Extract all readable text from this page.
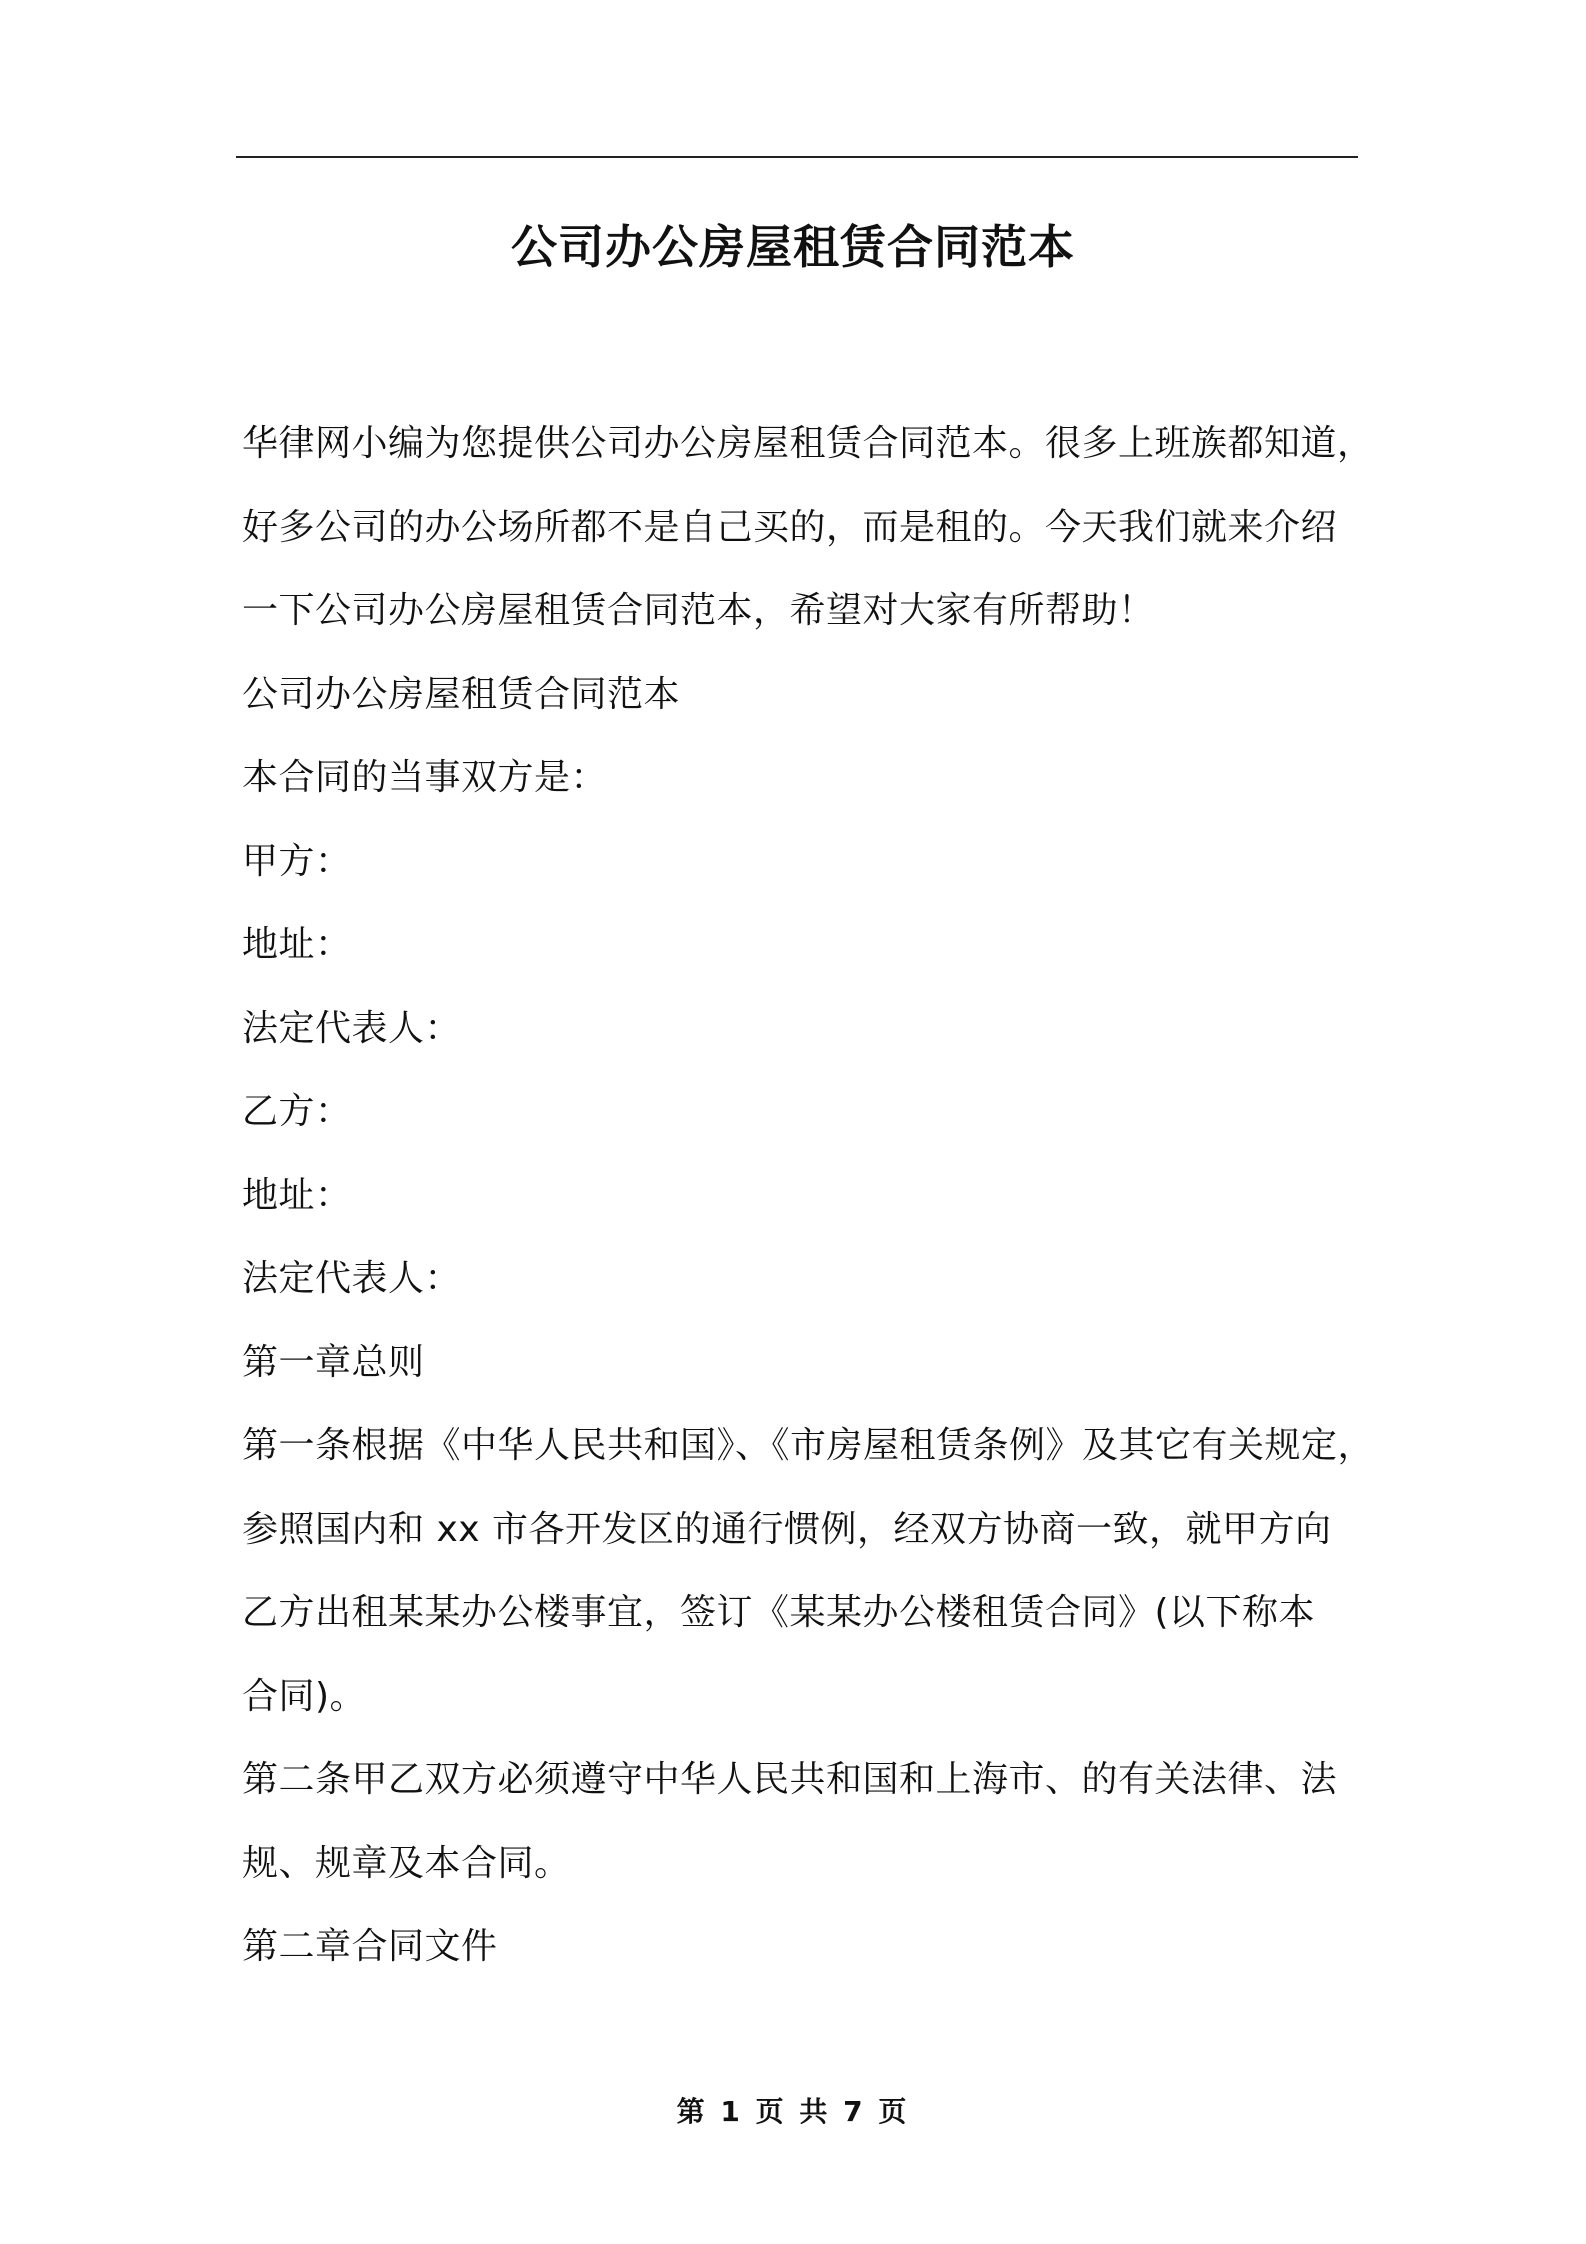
公司办公房屋租赁合同范本
华律网小编为您提供公司办公房屋租赁合同范本。很多上班族都知道，
好多公司的办公场所都不是自己买的，而是租的。今天我们就来介绍
一下公司办公房屋租赁合同范本，希望对大家有所帮助！
公司办公房屋租赁合同范本
本合同的当事双方是：
甲方：
地址：
法定代表人：
乙方：
地址：
法定代表人：
第一章总则
第一条根据《中华人民共和国》、《市房屋租赁条例》及其它有关规定，
参照国内和 xx 市各开发区的通行惯例，经双方协商一致，就甲方向
乙方出租某某办公楼事宜，签订《某某办公楼租赁合同》(以下称本
合同)。
第二条甲乙双方必须遵守中华人民共和国和上海市、的有关法律、法
规、规章及本合同。
第二章合同文件
第 1 页 共 7 页
